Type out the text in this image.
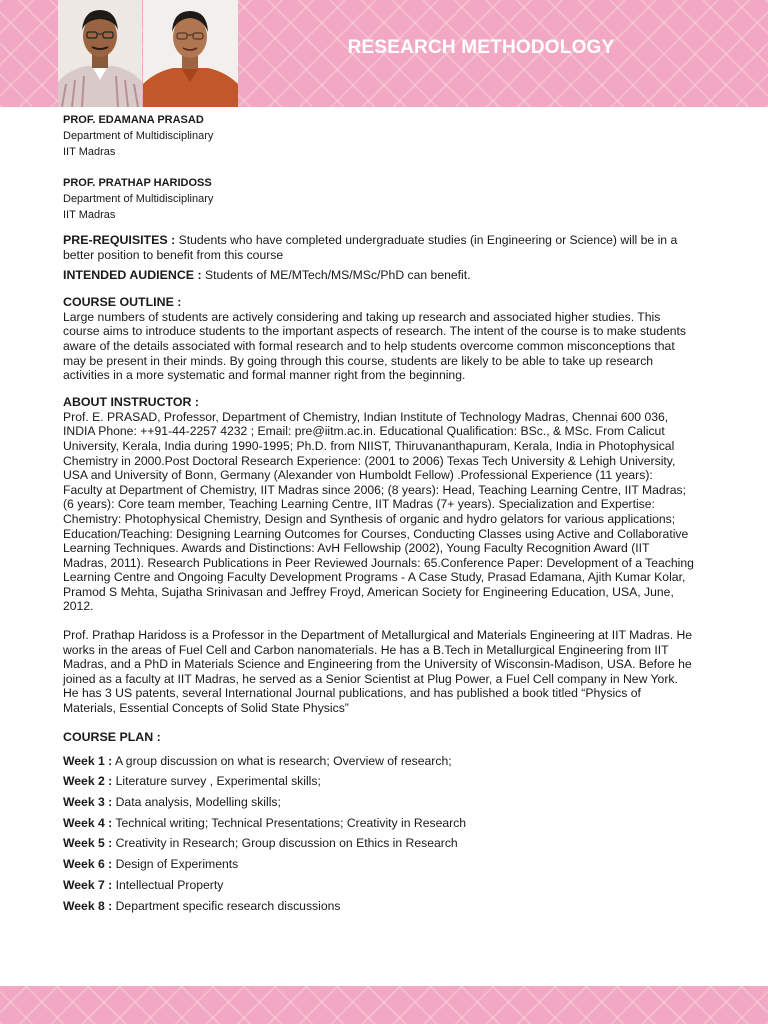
RESEARCH METHODOLOGY

PROF. EDAMANA PRASAD

Department of Multidisciplinary

IIT Madras

PROF. PRATHAP HARIDOSS

Department of Multidisciplinary

IIT Madras

PRE-REQUISITES : Students who have completed undergraduate studies (in Engineering or Science) will be in a better position to benefit from this course

INTENDED AUDIENCE : Students of ME/MTech/MS/MSc/PhD can benefit.

COURSE OUTLINE :

Large numbers of students are actively considering and taking up research and associated higher studies. This course aims to introduce students to the important aspects of research. The intent of the course is to make students aware of the details associated with formal research and to help students overcome common misconceptions that may be present in their minds. By going through this course, students are likely to be able to take up research activities in a more systematic and formal manner right from the beginning.

ABOUT INSTRUCTOR :

Prof. E. PRASAD, Professor, Department of Chemistry, Indian Institute of Technology Madras, Chennai 600 036, INDIA Phone: ++91-44-2257 4232 ; Email: pre@iitm.ac.in. Educational Qualification: BSc., & MSc. From Calicut University, Kerala, India during 1990-1995; Ph.D. from NIIST, Thiruvananthapuram, Kerala, India in Photophysical Chemistry in 2000.Post Doctoral Research Experience: (2001 to 2006) Texas Tech University & Lehigh University, USA and University of Bonn, Germany (Alexander von Humboldt Fellow) .Professional Experience (11 years): Faculty at Department of Chemistry, IIT Madras since 2006; (8 years): Head, Teaching Learning Centre, IIT Madras; (6 years): Core team member, Teaching Learning Centre, IIT Madras (7+ years). Specialization and Expertise: Chemistry: Photophysical Chemistry, Design and Synthesis of organic and hydro gelators for various applications; Education/Teaching: Designing Learning Outcomes for Courses, Conducting Classes using Active and Collaborative Learning Techniques. Awards and Distinctions: AvH Fellowship (2002), Young Faculty Recognition Award (IIT Madras, 2011). Research Publications in Peer Reviewed Journals: 65.Conference Paper: Development of a Teaching Learning Centre and Ongoing Faculty Development Programs - A Case Study, Prasad Edamana, Ajith Kumar Kolar, Pramod S Mehta, Sujatha Srinivasan and Jeffrey Froyd, American Society for Engineering Education, USA, June, 2012.

Prof. Prathap Haridoss is a Professor in the Department of Metallurgical and Materials Engineering at IIT Madras. He works in the areas of Fuel Cell and Carbon nanomaterials. He has a B.Tech in Metallurgical Engineering from IIT Madras, and a PhD in Materials Science and Engineering from the University of Wisconsin-Madison, USA. Before he joined as a faculty at IIT Madras, he served as a Senior Scientist at Plug Power, a Fuel Cell company in New York. He has 3 US patents, several International Journal publications, and has published a book titled “Physics of Materials, Essential Concepts of Solid State Physics”

COURSE PLAN :

Week 1 : A group discussion on what is research; Overview of research;
Week 2 : Literature survey , Experimental skills;
Week 3 : Data analysis, Modelling skills;
Week 4 : Technical writing; Technical Presentations; Creativity in Research
Week 5 : Creativity in Research; Group discussion on Ethics in Research
Week 6 : Design of Experiments
Week 7 : Intellectual Property
Week 8 : Department specific research discussions
